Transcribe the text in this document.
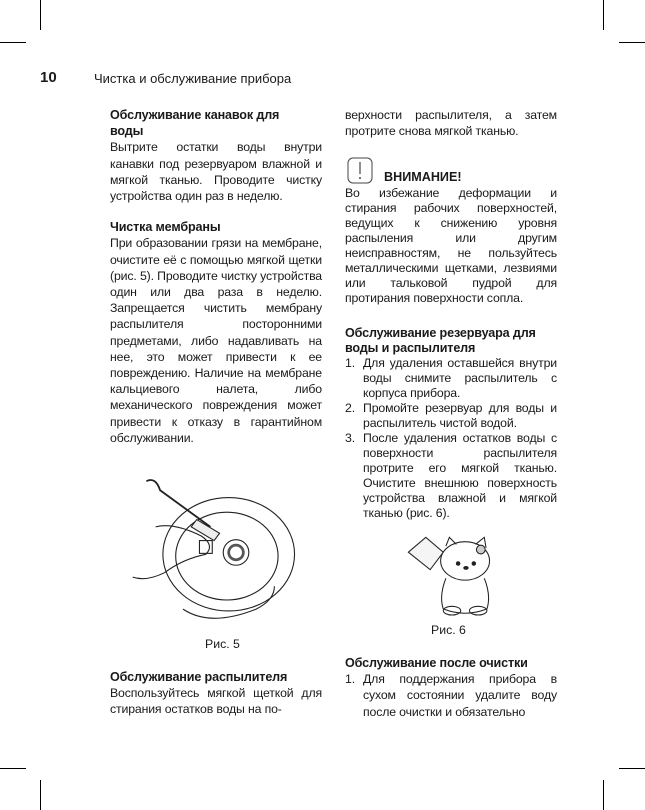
10	Чистка и обслуживание прибора
Обслуживание канавок для воды

Вытрите остатки воды внутри канавки под резервуаром влажной и мягкой тканью. Проводите чистку устройства один раз в неделю.

Чистка мембраны

При образовании грязи на мембране, очистите её с помощью мягкой щетки (рис. 5). Проводите чистку устройства один или два раза в неделю. Запрещается чистить мембрану распылителя посторонними предметами, либо надавливать на нее, это может привести к ее повреждению. Наличие на мембране кальциевого налета, либо механического повреждения может привести к отказу в гарантийном обслуживании.

Рис. 5
Обслуживание распылителя

Воспользуйтесь мягкой щеткой для стирания остатков воды на по-

верхности распылителя, а затем протрите снова мягкой тканью.

ВНИМАНИЕ!

Во избежание деформации и стирания рабочих поверхностей, ведущих к снижению уровня распыления или другим неисправностям, не пользуйтесь металлическими щетками, лезвиями или тальковой пудрой для протирания поверхности сопла.

Обслуживание резервуара для воды и распылителя
1. Для удаления оставшейся внутри воды снимите распылитель с корпуса прибора.
2. Промойте резервуар для воды и распылитель чистой водой.
3. После удаления остатков воды с поверхности распылителя протрите его мягкой тканью. Очистите внешнюю поверхность устройства влажной и мягкой тканью (рис. 6).
Рис. 6
Обслуживание после очистки
1. Для поддержания прибора в сухом состоянии удалите воду после очистки и обязательно
